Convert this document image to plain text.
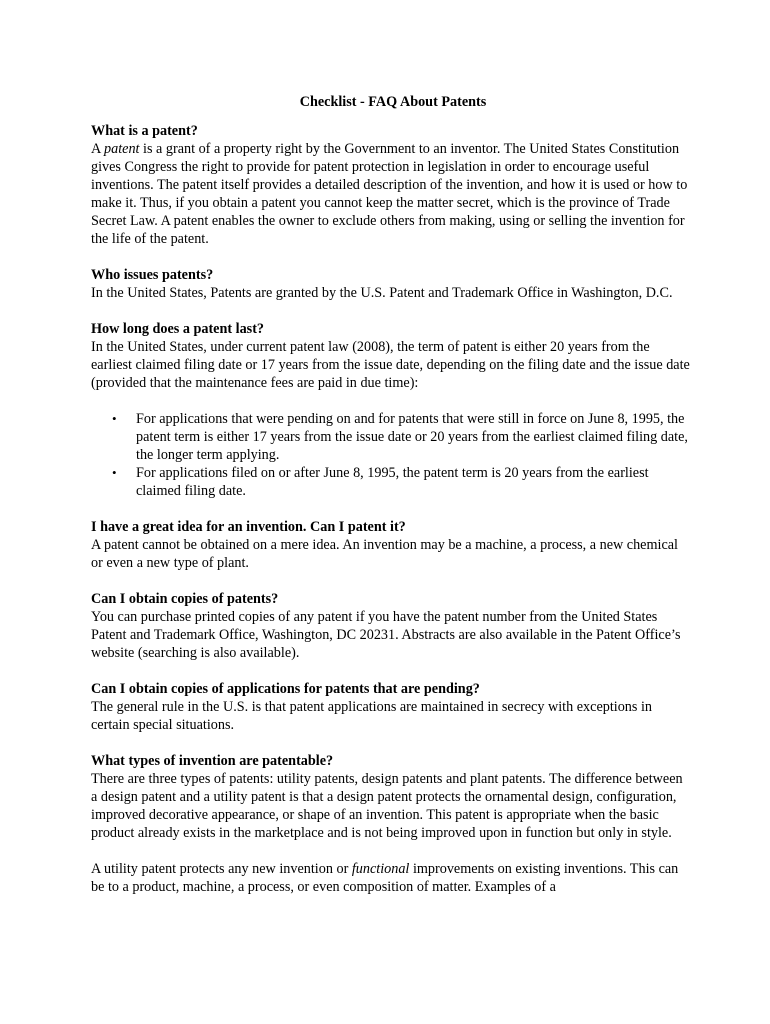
Checklist - FAQ About Patents

What is a patent?

A patent is a grant of a property right by the Government to an inventor. The United States Constitution gives Congress the right to provide for patent protection in legislation in order to encourage useful inventions. The patent itself provides a detailed description of the invention, and how it is used or how to make it. Thus, if you obtain a patent you cannot keep the matter secret, which is the province of Trade Secret Law. A patent enables the owner to exclude others from making, using or selling the invention for the life of the patent.

Who issues patents?

In the United States, Patents are granted by the U.S. Patent and Trademark Office in Washington, D.C.

How long does a patent last?

In the United States, under current patent law (2008), the term of patent is either 20 years from the earliest claimed filing date or 17 years from the issue date, depending on the filing date and the issue date (provided that the maintenance fees are paid in due time):

• For applications that were pending on and for patents that were still in force on June 8, 1995, the patent term is either 17 years from the issue date or 20 years from the earliest claimed filing date, the longer term applying.
• For applications filed on or after June 8, 1995, the patent term is 20 years from the earliest claimed filing date.

I have a great idea for an invention. Can I patent it?

A patent cannot be obtained on a mere idea. An invention may be a machine, a process, a new chemical or even a new type of plant.

Can I obtain copies of patents?

You can purchase printed copies of any patent if you have the patent number from the United States Patent and Trademark Office, Washington, DC 20231. Abstracts are also available in the Patent Office’s website (searching is also available).

Can I obtain copies of applications for patents that are pending?

The general rule in the U.S. is that patent applications are maintained in secrecy with exceptions in certain special situations.

What types of invention are patentable?

There are three types of patents: utility patents, design patents and plant patents. The difference between a design patent and a utility patent is that a design patent protects the ornamental design, configuration, improved decorative appearance, or shape of an invention. This patent is appropriate when the basic product already exists in the marketplace and is not being improved upon in function but only in style.

A utility patent protects any new invention or functional improvements on existing inventions. This can be to a product, machine, a process, or even composition of matter. Examples of a
